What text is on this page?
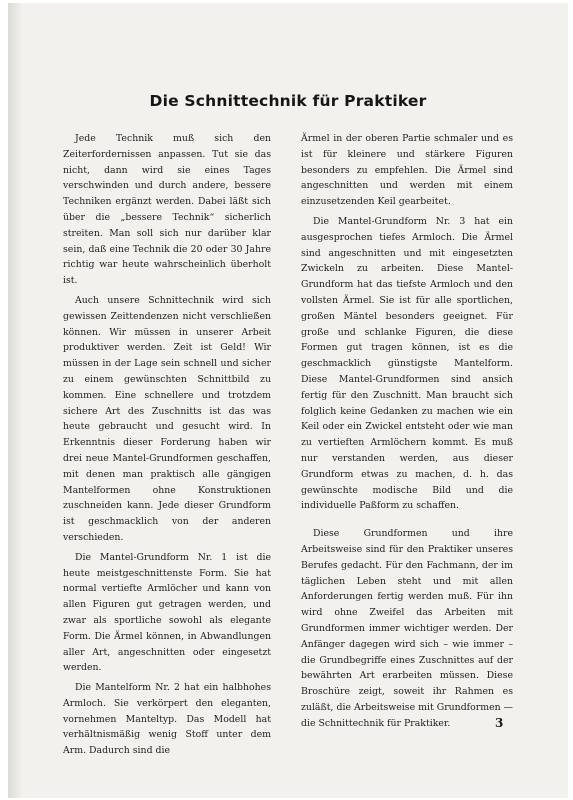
Die Schnittechnik für Praktiker

Jede Technik muß sich den Zeiterfordernissen anpassen. Tut sie das nicht, dann wird sie eines Tages verschwinden und durch andere, bessere Techniken ergänzt werden. Dabei läßt sich über die „bessere Technik“ sicherlich streiten. Man soll sich nur darüber klar sein, daß eine Technik die 20 oder 30 Jahre richtig war heute wahrscheinlich überholt ist.

Auch unsere Schnittechnik wird sich gewissen Zeittendenzen nicht verschließen können. Wir müssen in unserer Arbeit produktiver werden. Zeit ist Geld! Wir müssen in der Lage sein schnell und sicher zu einem gewünschten Schnittbild zu kommen. Eine schnellere und trotzdem sichere Art des Zuschnitts ist das was heute gebraucht und gesucht wird. In Erkenntnis dieser Forderung haben wir drei neue Mantel-Grundformen geschaffen, mit denen man praktisch alle gängigen Mantelformen ohne Konstruktionen zuschneiden kann. Jede dieser Grundform ist geschmacklich von der anderen verschieden.

Die Mantel-Grundform Nr. 1 ist die heute meistgeschnittenste Form. Sie hat normal vertiefte Armlöcher und kann von allen Figuren gut getragen werden, und zwar als sportliche sowohl als elegante Form. Die Ärmel können, in Abwandlungen aller Art, angeschnitten oder eingesetzt werden.

Die Mantelform Nr. 2 hat ein halbhohes Armloch. Sie verkörpert den eleganten, vornehmen Manteltyp. Das Modell hat verhältnismäßig wenig Stoff unter dem Arm. Dadurch sind die

Ärmel in der oberen Partie schmaler und es ist für kleinere und stärkere Figuren besonders zu empfehlen. Die Ärmel sind angeschnitten und werden mit einem einzusetzenden Keil gearbeitet.

Die Mantel-Grundform Nr. 3 hat ein ausgesprochen tiefes Armloch. Die Ärmel sind angeschnitten und mit eingesetzten Zwickeln zu arbeiten. Diese Mantel-Grundform hat das tiefste Armloch und den vollsten Ärmel. Sie ist für alle sportlichen, großen Mäntel besonders geeignet. Für große und schlanke Figuren, die diese Formen gut tragen können, ist es die geschmacklich günstigste Mantelform. Diese Mantel-Grundformen sind ansich fertig für den Zuschnitt. Man braucht sich folglich keine Gedanken zu machen wie ein Keil oder ein Zwickel entsteht oder wie man zu vertieften Armlöchern kommt. Es muß nur verstanden werden, aus dieser Grundform etwas zu machen, d. h. das gewünschte modische Bild und die individuelle Paßform zu schaffen.

Diese Grundformen und ihre Arbeitsweise sind für den Praktiker unseres Berufes gedacht. Für den Fachmann, der im täglichen Leben steht und mit allen Anforderungen fertig werden muß. Für ihn wird ohne Zweifel das Arbeiten mit Grundformen immer wichtiger werden. Der Anfänger dagegen wird sich – wie immer – die Grundbegriffe eines Zuschnittes auf der bewährten Art erarbeiten müssen. Diese Broschüre zeigt, soweit ihr Rahmen es zuläßt, die Arbeitsweise mit Grundformen — die Schnittechnik für Praktiker.	3
